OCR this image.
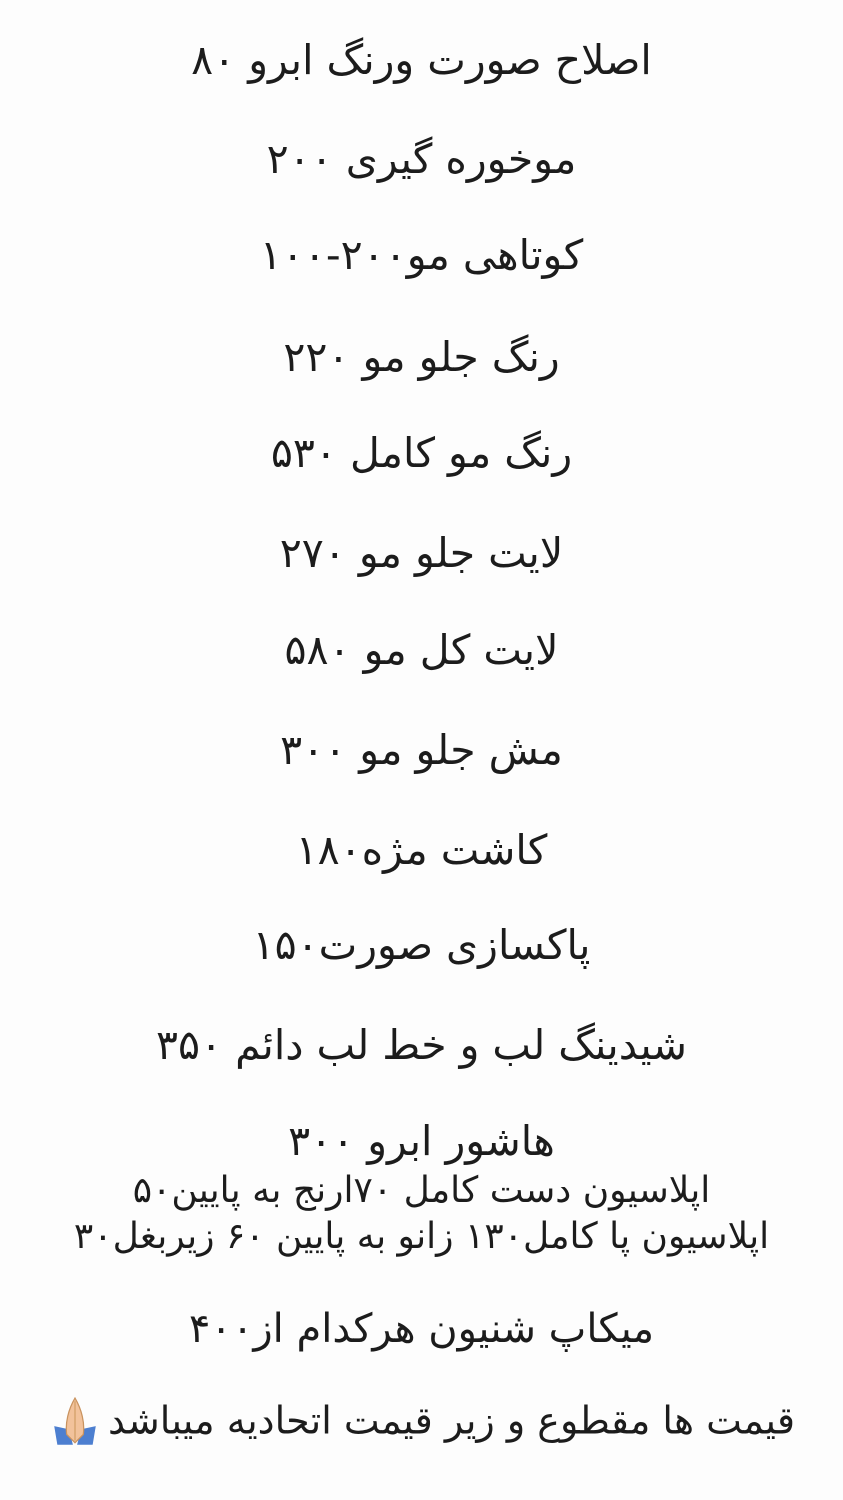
اصلاح صورت ورنگ ابرو ۸۰
موخوره گیری ۲۰۰
کوتاهی مو۲۰۰-۱۰۰
رنگ جلو مو ۲۲۰
رنگ مو کامل ۵۳۰
لایت جلو مو ۲۷۰
لایت کل مو ۵۸۰
مش جلو مو ۳۰۰
کاشت مژه۱۸۰
پاکسازی صورت۱۵۰
شیدینگ لب و خط لب دائم ۳۵۰
هاشور ابرو ۳۰۰
اپلاسیون دست کامل ۷۰ارنج به پایین۵۰
اپلاسیون پا کامل۱۳۰ زانو به پایین ۶۰ زیربغل۳۰
میکاپ شنیون هرکدام از۴۰۰
قیمت ها مقطوع و زیر قیمت اتحادیه میباشد
